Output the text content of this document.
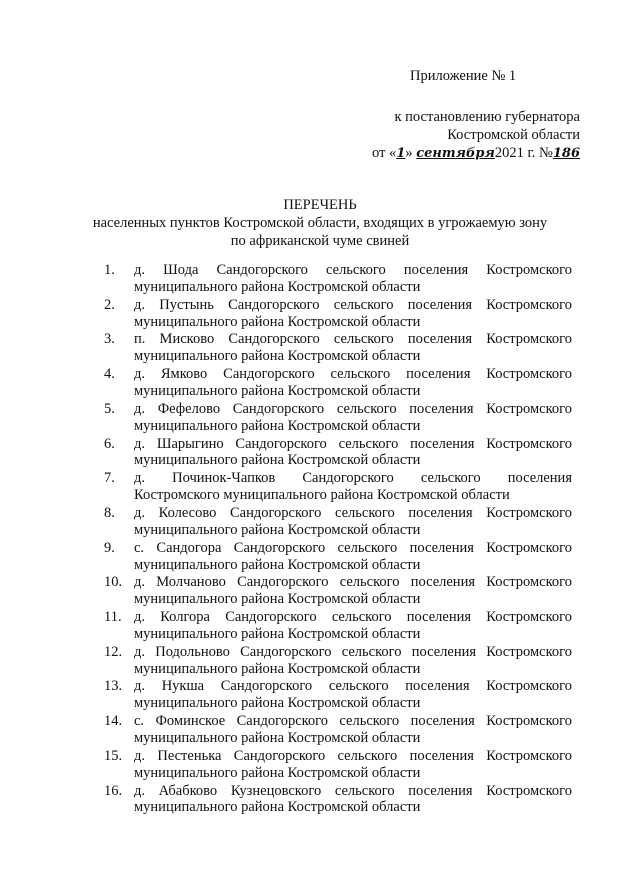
Приложение № 1
к постановлению губернатора
Костромской области
от «1» сентября2021 г. №186
ПЕРЕЧЕНЬ
населенных пунктов Костромской области, входящих в угрожаемую зону
по африканской чуме свиней
1.	д. Шода Сандогорского сельского поселения Костромского
муниципального района Костромской области
2.	д. Пустынь Сандогорского сельского поселения Костромского
муниципального района Костромской области
3.	п. Мисково Сандогорского сельского поселения Костромского
муниципального района Костромской области
4.	д. Ямково Сандогорского сельского поселения Костромского
муниципального района Костромской области
5.	д. Фефелово Сандогорского сельского поселения Костромского
муниципального района Костромской области
6.	д. Шарыгино Сандогорского сельского поселения Костромского
муниципального района Костромской области
7.	д. Починок-Чапков Сандогорского сельского поселения
Костромского муниципального района Костромской области
8.	д. Колесово Сандогорского сельского поселения Костромского
муниципального района Костромской области
9.	с. Сандогора Сандогорского сельского поселения Костромского
муниципального района Костромской области
10. д. Молчаново Сандогорского сельского поселения Костромского
муниципального района Костромской области
11. д. Колгора Сандогорского сельского поселения Костромского
муниципального района Костромской области
12. д. Подольново Сандогорского сельского поселения Костромского
муниципального района Костромской области
13. д. Нукша Сандогорского сельского поселения Костромского
муниципального района Костромской области
14. с. Фоминское Сандогорского сельского поселения Костромского
муниципального района Костромской области
15. д. Пестенька Сандогорского сельского поселения Костромского
муниципального района Костромской области
16. д. Абабково Кузнецовского сельского поселения Костромского
муниципального района Костромской области
